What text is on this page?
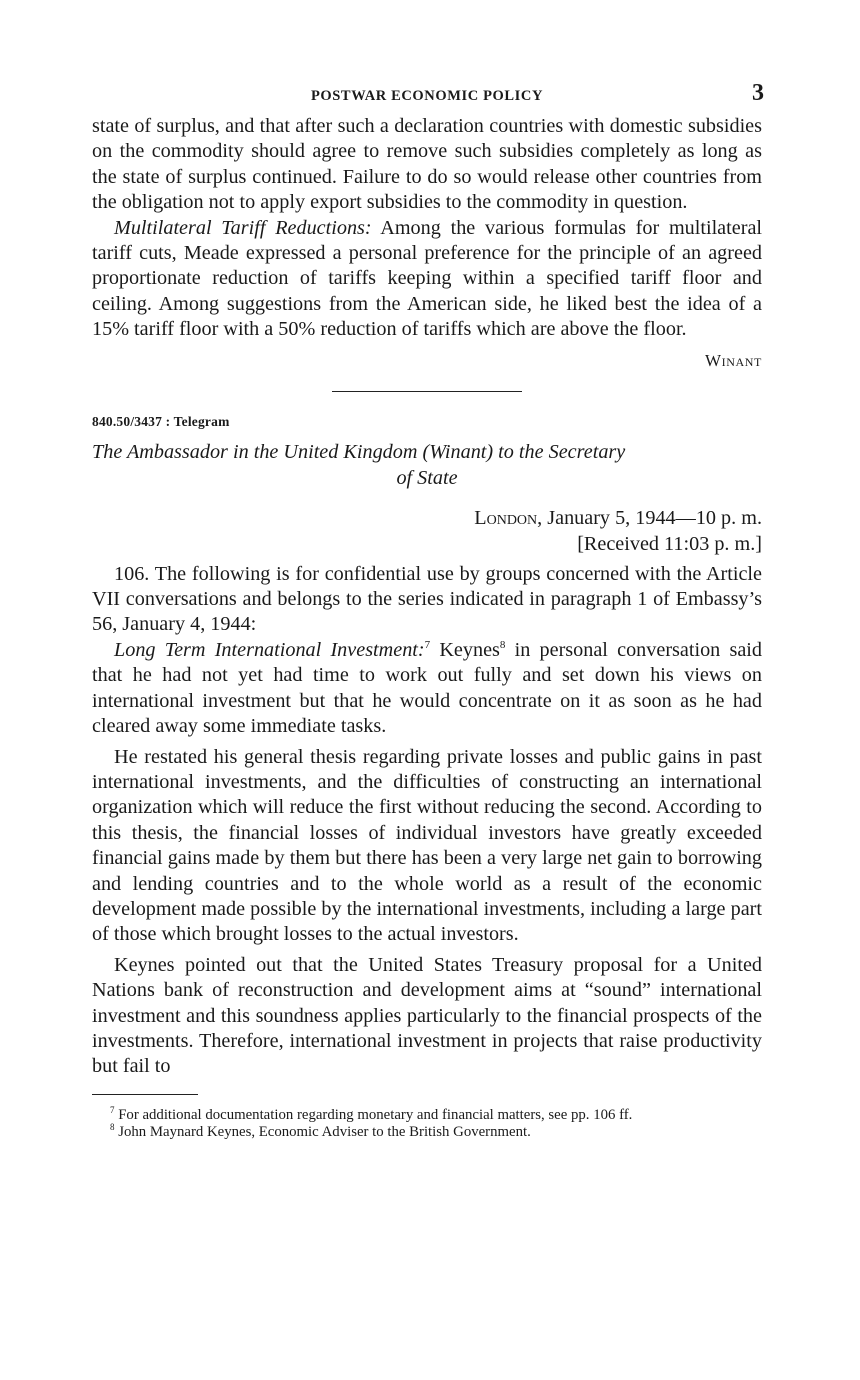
POSTWAR ECONOMIC POLICY	3

state of surplus, and that after such a declaration countries with domestic subsidies on the commodity should agree to remove such subsidies completely as long as the state of surplus continued. Failure to do so would release other countries from the obligation not to apply export subsidies to the commodity in question.

Multilateral Tariff Reductions: Among the various formulas for multilateral tariff cuts, Meade expressed a personal preference for the principle of an agreed proportionate reduction of tariffs keeping within a specified tariff floor and ceiling. Among suggestions from the American side, he liked best the idea of a 15% tariff floor with a 50% reduction of tariffs which are above the floor.

Winant
840.50/3437 : Telegram
The Ambassador in the United Kingdom (Winant) to the Secretary
of State
London, January 5, 1944—10 p. m.
[Received 11:03 p. m.]

106. The following is for confidential use by groups concerned with the Article VII conversations and belongs to the series indicated in paragraph 1 of Embassy’s 56, January 4, 1944:

Long Term International Investment:$^7$ Keynes$^8$ in personal conversation said that he had not yet had time to work out fully and set down his views on international investment but that he would concentrate on it as soon as he had cleared away some immediate tasks.

He restated his general thesis regarding private losses and public gains in past international investments, and the difficulties of constructing an international organization which will reduce the first without reducing the second. According to this thesis, the financial losses of individual investors have greatly exceeded financial gains made by them but there has been a very large net gain to borrowing and lending countries and to the whole world as a result of the economic development made possible by the international investments, including a large part of those which brought losses to the actual investors.

Keynes pointed out that the United States Treasury proposal for a United Nations bank of reconstruction and development aims at “sound” international investment and this soundness applies particularly to the financial prospects of the investments. Therefore, international investment in projects that raise productivity but fail to

$^7$ For additional documentation regarding monetary and financial matters, see pp. 106 ff.
$^8$ John Maynard Keynes, Economic Adviser to the British Government.
